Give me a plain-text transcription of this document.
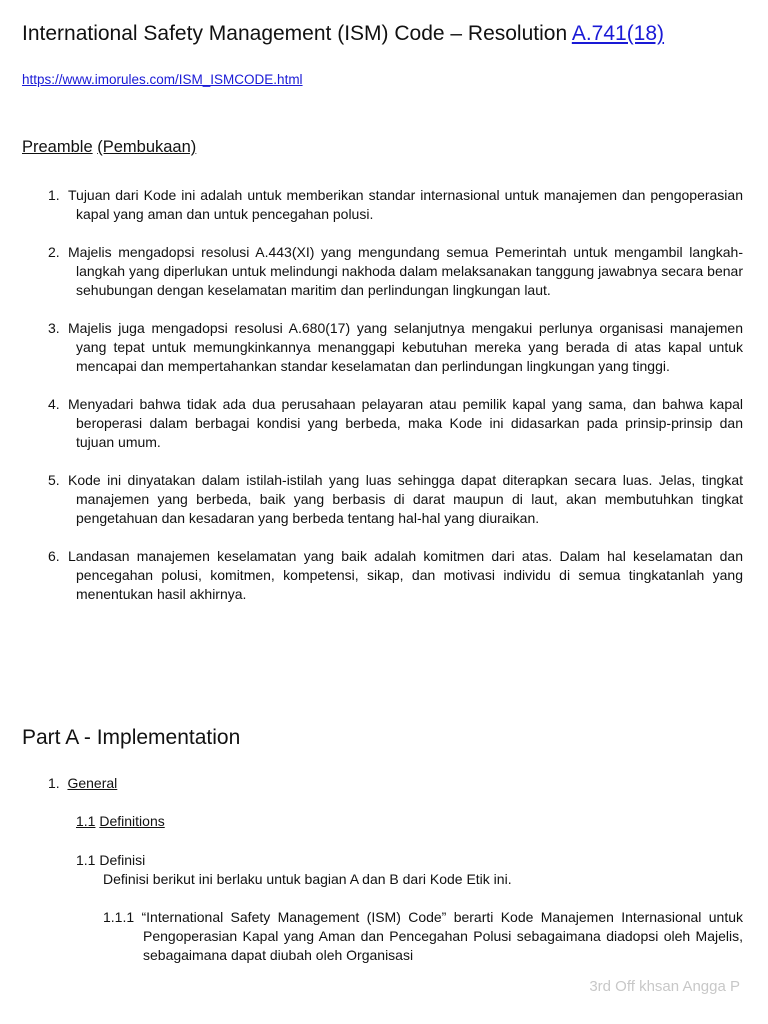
International Safety Management (ISM) Code – Resolution A.741(18)
https://www.imorules.com/ISM_ISMCODE.html
Preamble (Pembukaan)
1. Tujuan dari Kode ini adalah untuk memberikan standar internasional untuk manajemen dan pengoperasian kapal yang aman dan untuk pencegahan polusi.
2. Majelis mengadopsi resolusi A.443(XI) yang mengundang semua Pemerintah untuk mengambil langkah-langkah yang diperlukan untuk melindungi nakhoda dalam melaksanakan tanggung jawabnya secara benar sehubungan dengan keselamatan maritim dan perlindungan lingkungan laut.
3. Majelis juga mengadopsi resolusi A.680(17) yang selanjutnya mengakui perlunya organisasi manajemen yang tepat untuk memungkinkannya menanggapi kebutuhan mereka yang berada di atas kapal untuk mencapai dan mempertahankan standar keselamatan dan perlindungan lingkungan yang tinggi.
4. Menyadari bahwa tidak ada dua perusahaan pelayaran atau pemilik kapal yang sama, dan bahwa kapal beroperasi dalam berbagai kondisi yang berbeda, maka Kode ini didasarkan pada prinsip-prinsip dan tujuan umum.
5. Kode ini dinyatakan dalam istilah-istilah yang luas sehingga dapat diterapkan secara luas. Jelas, tingkat manajemen yang berbeda, baik yang berbasis di darat maupun di laut, akan membutuhkan tingkat pengetahuan dan kesadaran yang berbeda tentang hal-hal yang diuraikan.
6. Landasan manajemen keselamatan yang baik adalah komitmen dari atas. Dalam hal keselamatan dan pencegahan polusi, komitmen, kompetensi, sikap, dan motivasi individu di semua tingkatanlah yang menentukan hasil akhirnya.
Part A - Implementation
1. General
1.1 Definitions
1.1 Definisi
Definisi berikut ini berlaku untuk bagian A dan B dari Kode Etik ini.
1.1.1 “International Safety Management (ISM) Code” berarti Kode Manajemen Internasional untuk Pengoperasian Kapal yang Aman dan Pencegahan Polusi sebagaimana diadopsi oleh Majelis, sebagaimana dapat diubah oleh Organisasi
3rd Off khsan Angga P
